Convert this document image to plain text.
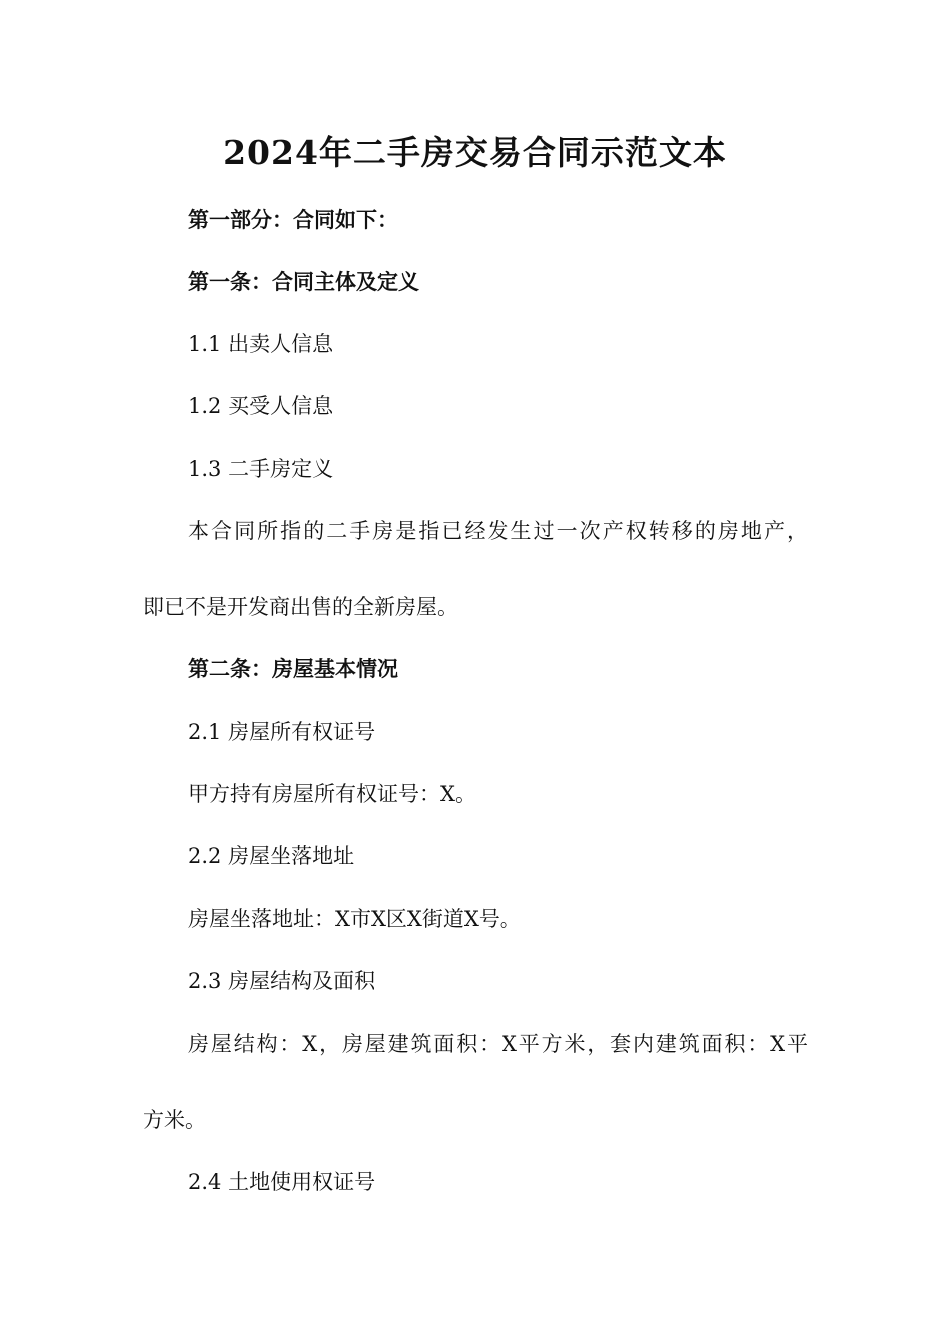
2024年二手房交易合同示范文本
第一部分：合同如下：
第一条：合同主体及定义
1.1 出卖人信息
1.2 买受人信息
1.3 二手房定义
本合同所指的二手房是指已经发生过一次产权转移的房地产，
即已不是开发商出售的全新房屋。
第二条：房屋基本情况
2.1 房屋所有权证号
甲方持有房屋所有权证号：X。
2.2 房屋坐落地址
房屋坐落地址：X市X区X街道X号。
2.3 房屋结构及面积
房屋结构：X，房屋建筑面积：X平方米，套内建筑面积：X平
方米。
2.4 土地使用权证号
